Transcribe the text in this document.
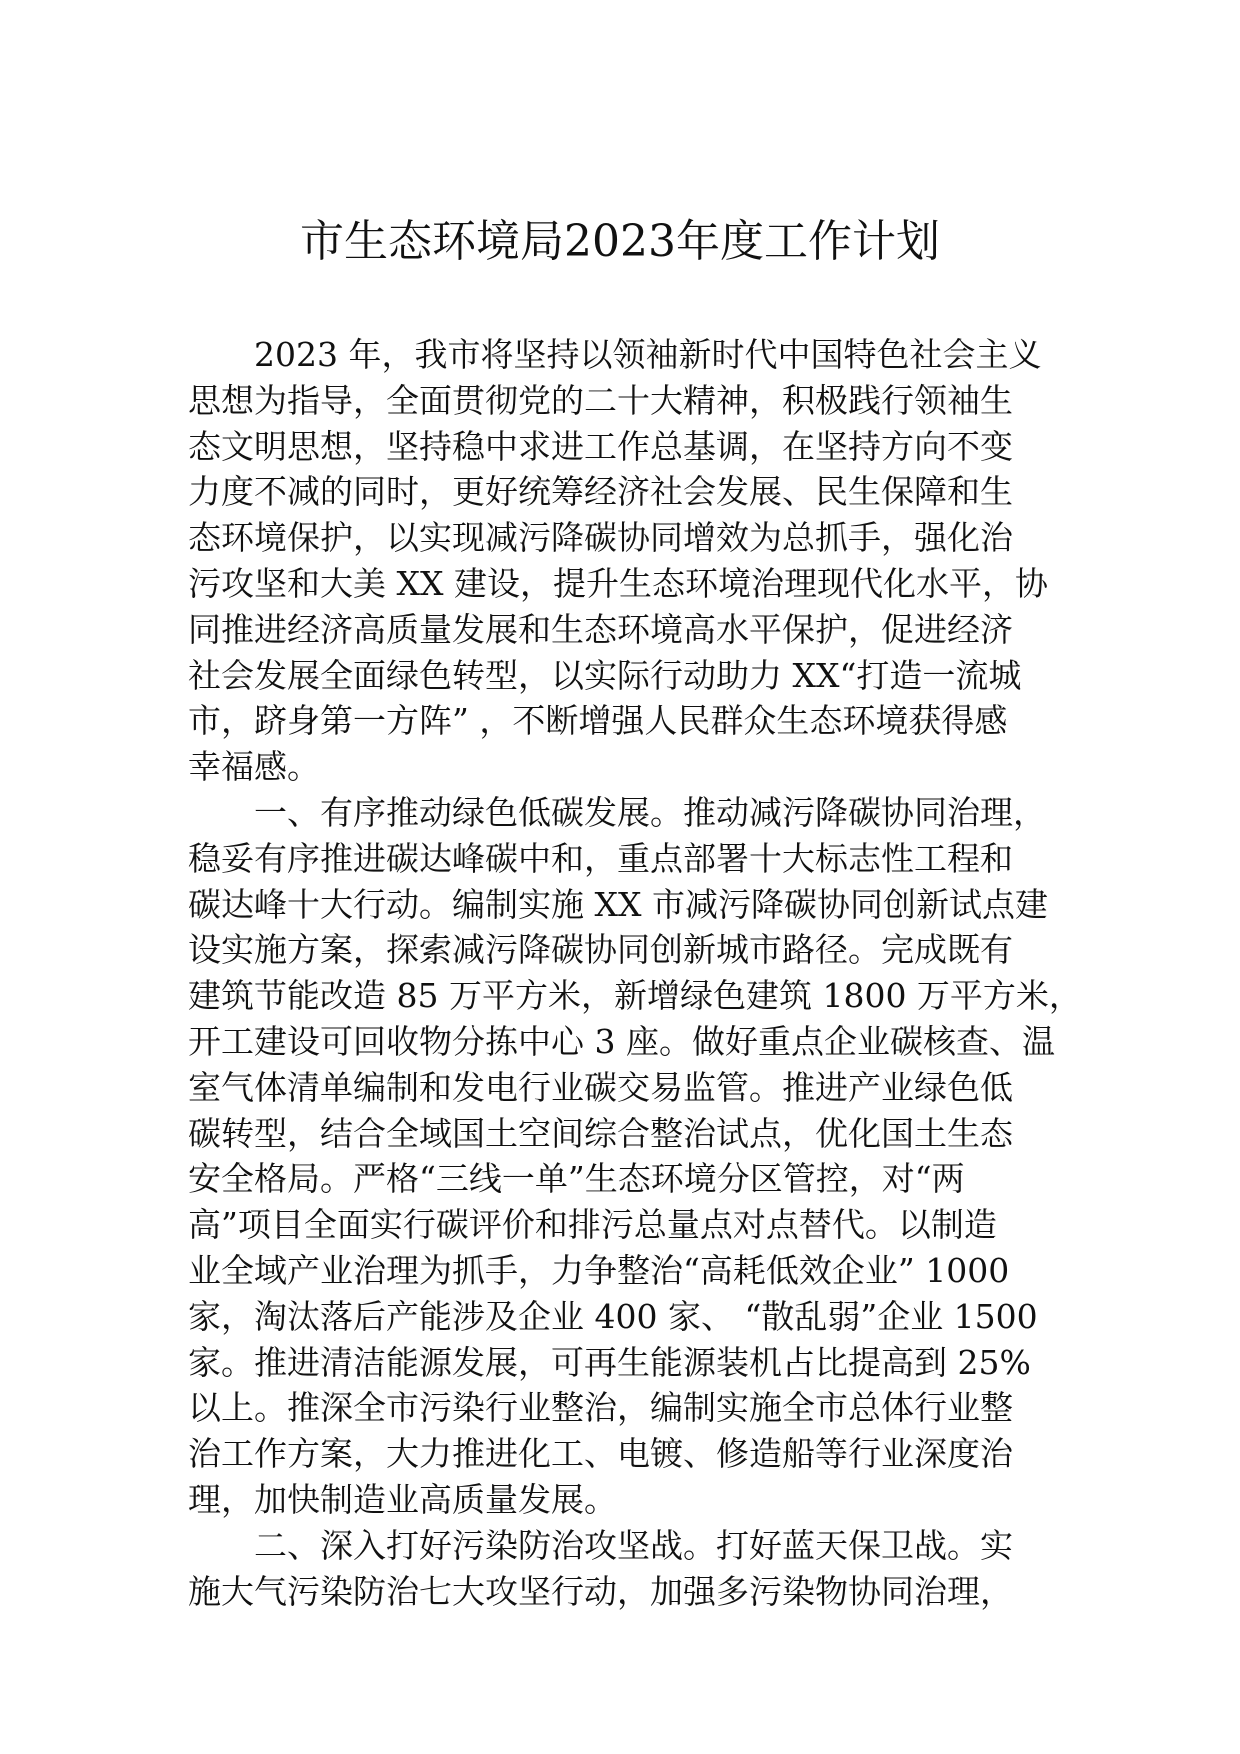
市生态环境局2023年度工作计划

2023 年，我市将坚持以领袖新时代中国特色社会主义
思想为指导，全面贯彻党的二十大精神，积极践行领袖生
态文明思想，坚持稳中求进工作总基调，在坚持方向不变
力度不减的同时，更好统筹经济社会发展、民生保障和生
态环境保护，以实现减污降碳协同增效为总抓手，强化治
污攻坚和大美 XX 建设，提升生态环境治理现代化水平，协
同推进经济高质量发展和生态环境高水平保护，促进经济
社会发展全面绿色转型，以实际行动助力 XX“打造一流城
市，跻身第一方阵” ，不断增强人民群众生态环境获得感
幸福感。

一、有序推动绿色低碳发展。推动减污降碳协同治理，
稳妥有序推进碳达峰碳中和，重点部署十大标志性工程和
碳达峰十大行动。编制实施 XX 市减污降碳协同创新试点建
设实施方案，探索减污降碳协同创新城市路径。完成既有
建筑节能改造 85 万平方米，新增绿色建筑 1800 万平方米，
开工建设可回收物分拣中心 3 座。做好重点企业碳核查、温
室气体清单编制和发电行业碳交易监管。推进产业绿色低
碳转型，结合全域国土空间综合整治试点，优化国土生态
安全格局。严格“三线一单”生态环境分区管控，对“两
高”项目全面实行碳评价和排污总量点对点替代。以制造
业全域产业治理为抓手，力争整治“高耗低效企业” 1000
家，淘汰落后产能涉及企业 400 家、 “散乱弱”企业 1500
家。推进清洁能源发展，可再生能源装机占比提高到 25%
以上。推深全市污染行业整治，编制实施全市总体行业整
治工作方案，大力推进化工、电镀、修造船等行业深度治
理，加快制造业高质量发展。

二、深入打好污染防治攻坚战。打好蓝天保卫战。实
施大气污染防治七大攻坚行动，加强多污染物协同治理，
